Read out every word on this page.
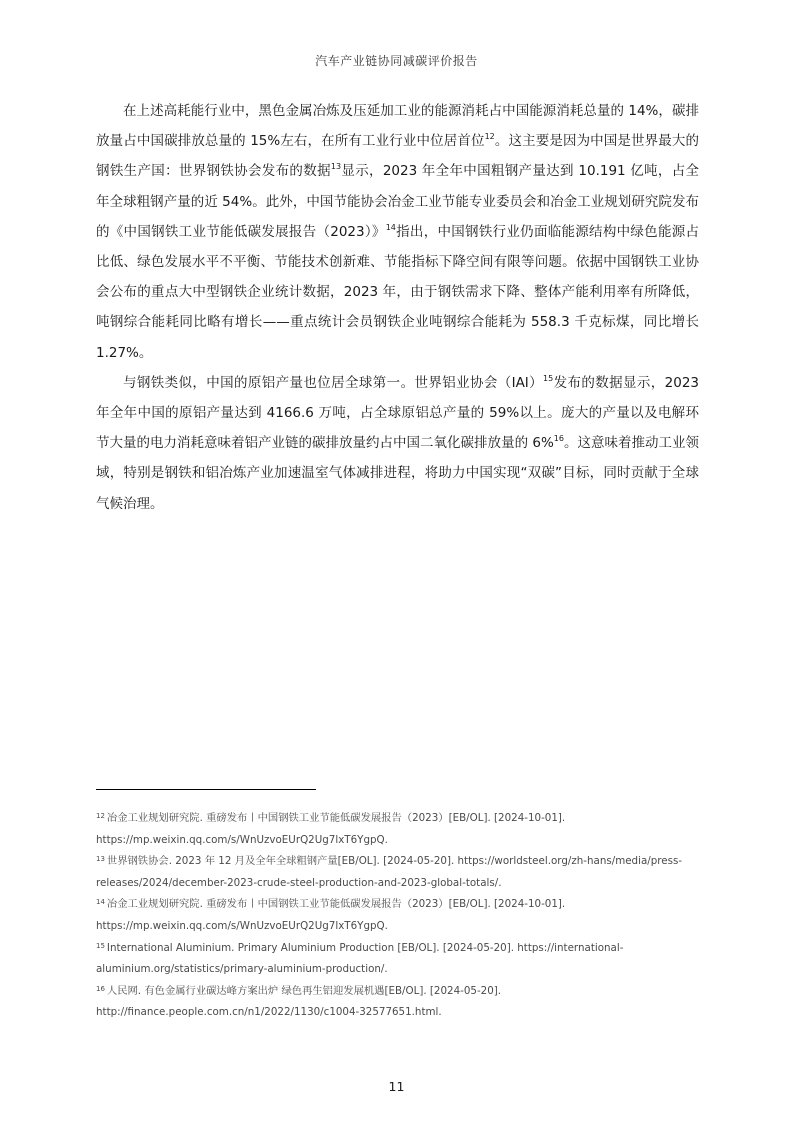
汽车产业链协同减碳评价报告

在上述高耗能行业中，黑色金属冶炼及压延加工业的能源消耗占中国能源消耗总量的 14%，碳排放量占中国碳排放总量的 15%左右，在所有工业行业中位居首位$^{12}$。这主要是因为中国是世界最大的钢铁生产国：世界钢铁协会发布的数据$^{13}$显示，2023 年全年中国粗钢产量达到 10.191 亿吨，占全年全球粗钢产量的近 54%。此外，中国节能协会冶金工业节能专业委员会和冶金工业规划研究院发布的《中国钢铁工业节能低碳发展报告（2023）》$^{14}$指出，中国钢铁行业仍面临能源结构中绿色能源占比低、绿色发展水平不平衡、节能技术创新难、节能指标下降空间有限等问题。依据中国钢铁工业协会公布的重点大中型钢铁企业统计数据，2023 年，由于钢铁需求下降、整体产能利用率有所降低，吨钢综合能耗同比略有增长——重点统计会员钢铁企业吨钢综合能耗为 558.3 千克标煤，同比增长 1.27%。

与钢铁类似，中国的原铝产量也位居全球第一。世界铝业协会（IAI）$^{15}$发布的数据显示，2023 年全年中国的原铝产量达到 4166.6 万吨，占全球原铝总产量的 59%以上。庞大的产量以及电解环节大量的电力消耗意味着铝产业链的碳排放量约占中国二氧化碳排放量的 6%$^{16}$。这意味着推动工业领域，特别是钢铁和铝冶炼产业加速温室气体减排进程，将助力中国实现“双碳”目标，同时贡献于全球气候治理。

$^{12}$ 冶金工业规划研究院. 重磅发布丨中国钢铁工业节能低碳发展报告（2023）[EB/OL]. [2024-10-01].

https://mp.weixin.qq.com/s/WnUzvoEUrQ2Ug7lxT6YgpQ.

$^{13}$ 世界钢铁协会. 2023 年 12 月及全年全球粗钢产量[EB/OL]. [2024-05-20]. https://worldsteel.org/zh-hans/media/press-

releases/2024/december-2023-crude-steel-production-and-2023-global-totals/.

$^{14}$ 冶金工业规划研究院. 重磅发布丨中国钢铁工业节能低碳发展报告（2023）[EB/OL]. [2024-10-01].

https://mp.weixin.qq.com/s/WnUzvoEUrQ2Ug7lxT6YgpQ.

$^{15}$ International Aluminium. Primary Aluminium Production [EB/OL]. [2024-05-20]. https://international-

aluminium.org/statistics/primary-aluminium-production/.

$^{16}$ 人民网. 有色金属行业碳达峰方案出炉 绿色再生铝迎发展机遇[EB/OL]. [2024-05-20].

http://finance.people.com.cn/n1/2022/1130/c1004-32577651.html.

11
